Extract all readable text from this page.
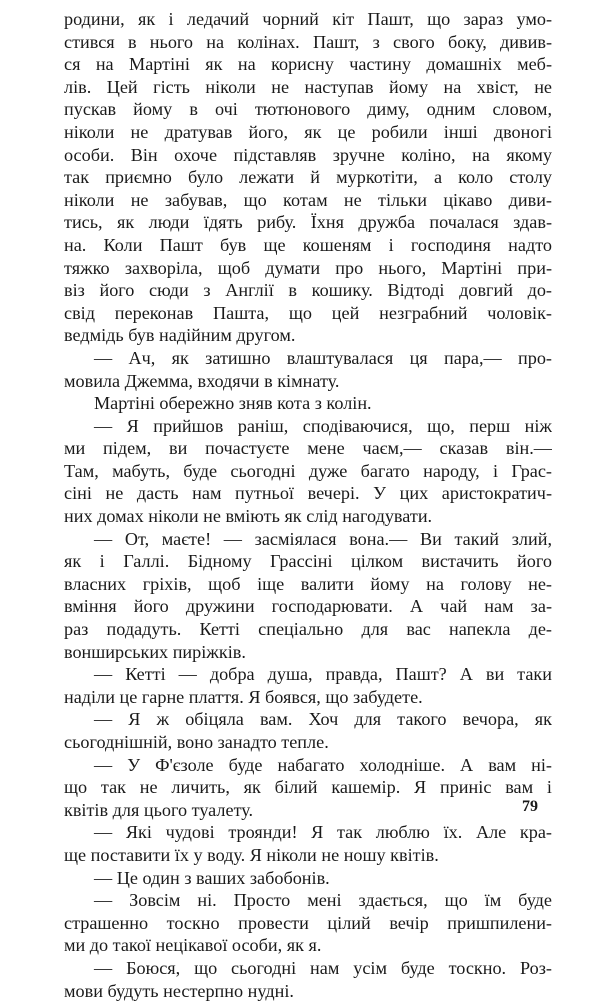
родини, як і ледачий чорний кіт Пашт, що зараз умо-
стився в нього на колінах. Пашт, з свого боку, дивив-
ся на Мартіні як на корисну частину домашніх меб-
лів. Цей гість ніколи не наступав йому на хвіст, не
пускав йому в очі тютюнового диму, одним словом,
ніколи не дратував його, як це робили інші двоногі
особи. Він охоче підставляв зручне коліно, на якому
так приємно було лежати й муркотіти, а коло столу
ніколи не забував, що котам не тільки цікаво диви-
тись, як люди їдять рибу. Їхня дружба почалася здав-
на. Коли Пашт був ще кошеням і господиня надто
тяжко захворіла, щоб думати про нього, Мартіні при-
віз його сюди з Англії в кошику. Відтоді довгий до-
свід переконав Пашта, що цей незграбний чоловік-
ведмідь був надійним другом.
— Ач, як затишно влаштувалася ця пара,— про-
мовила Джемма, входячи в кімнату.
Мартіні обережно зняв кота з колін.
— Я прийшов раніш, сподіваючися, що, перш ніж
ми підем, ви почастуєте мене чаєм,— сказав він.—
Там, мабуть, буде сьогодні дуже багато народу, і Грас-
сіні не дасть нам путньої вечері. У цих аристократич-
них домах ніколи не вміють як слід нагодувати.
— От, маєте! — засміялася вона.— Ви такий злий,
як і Галлі. Бідному Грассіні цілком вистачить його
власних гріхів, щоб іще валити йому на голову не-
вміння його дружини господарювати. А чай нам за-
раз подадуть. Кетті спеціально для вас напекла де-
вонширських пиріжків.
— Кетті — добра душа, правда, Пашт? А ви таки
наділи це гарне плаття. Я боявся, що забудете.
— Я ж обіцяла вам. Хоч для такого вечора, як
сьогоднішній, воно занадто тепле.
— У Ф'єзоле буде набагато холодніше. А вам ні-
що так не личить, як білий кашемір. Я приніс вам і
квітів для цього туалету.
— Які чудові троянди! Я так люблю їх. Але кра-
ще поставити їх у воду. Я ніколи не ношу квітів.
— Це один з ваших забобонів.
— Зовсім ні. Просто мені здається, що їм буде
страшенно тоскно провести цілий вечір пришпилени-
ми до такої нецікавої особи, як я.
— Боюся, що сьогодні нам усім буде тоскно. Роз-
мови будуть нестерпно нудні.
79
